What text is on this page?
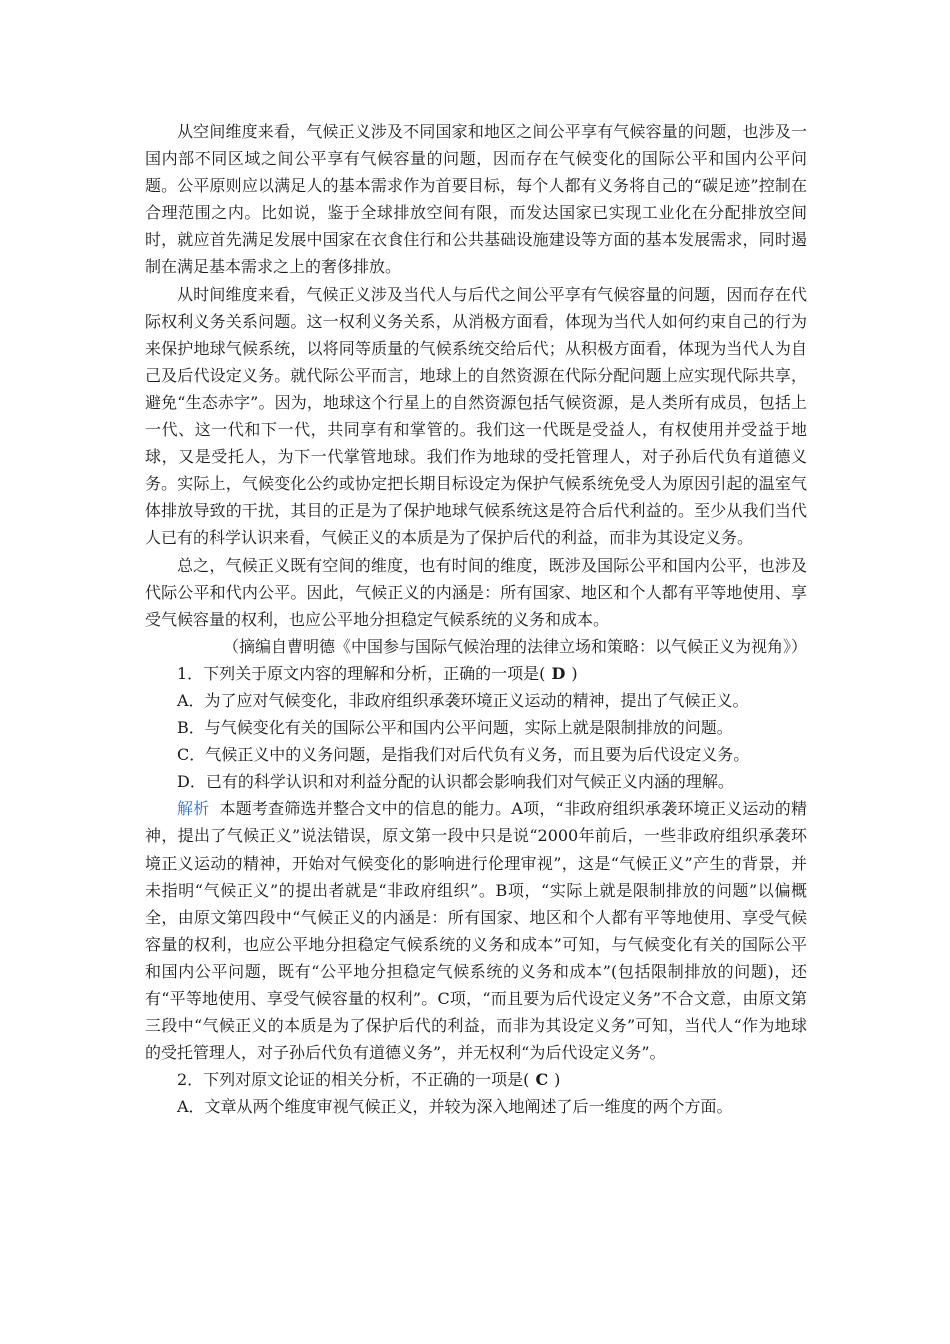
从空间维度来看，气候正义涉及不同国家和地区之间公平享有气候容量的问题，也涉及一国内部不同区域之间公平享有气候容量的问题，因而存在气候变化的国际公平和国内公平问题。公平原则应以满足人的基本需求作为首要目标，每个人都有义务将自己的“碳足迹”控制在合理范围之内。比如说，鉴于全球排放空间有限，而发达国家已实现工业化在分配排放空间时，就应首先满足发展中国家在衣食住行和公共基础设施建设等方面的基本发展需求，同时遏制在满足基本需求之上的奢侈排放。

从时间维度来看，气候正义涉及当代人与后代之间公平享有气候容量的问题，因而存在代际权利义务关系问题。这一权利义务关系，从消极方面看，体现为当代人如何约束自己的行为来保护地球气候系统，以将同等质量的气候系统交给后代；从积极方面看，体现为当代人为自己及后代设定义务。就代际公平而言，地球上的自然资源在代际分配问题上应实现代际共享，避免“生态赤字”。因为，地球这个行星上的自然资源包括气候资源，是人类所有成员，包括上一代、这一代和下一代，共同享有和掌管的。我们这一代既是受益人，有权使用并受益于地球，又是受托人，为下一代掌管地球。我们作为地球的受托管理人，对子孙后代负有道德义务。实际上，气候变化公约或协定把长期目标设定为保护气候系统免受人为原因引起的温室气体排放导致的干扰，其目的正是为了保护地球气候系统这是符合后代利益的。至少从我们当代人已有的科学认识来看，气候正义的本质是为了保护后代的利益，而非为其设定义务。

总之，气候正义既有空间的维度，也有时间的维度，既涉及国际公平和国内公平，也涉及代际公平和代内公平。因此，气候正义的内涵是：所有国家、地区和个人都有平等地使用、享受气候容量的权利，也应公平地分担稳定气候系统的义务和成本。

（摘编自曹明德《中国参与国际气候治理的法律立场和策略：以气候正义为视角》）

1．下列关于原文内容的理解和分析，正确的一项是( D )

A．为了应对气候变化，非政府组织承袭环境正义运动的精神，提出了气候正义。

B．与气候变化有关的国际公平和国内公平问题，实际上就是限制排放的问题。

C．气候正义中的义务问题，是指我们对后代负有义务，而且要为后代设定义务。

D．已有的科学认识和对利益分配的认识都会影响我们对气候正义内涵的理解。

解析 本题考查筛选并整合文中的信息的能力。A项，“非政府组织承袭环境正义运动的精神，提出了气候正义”说法错误，原文第一段中只是说“2000年前后，一些非政府组织承袭环境正义运动的精神，开始对气候变化的影响进行伦理审视”，这是“气候正义”产生的背景，并未指明“气候正义”的提出者就是“非政府组织”。B项，“实际上就是限制排放的问题”以偏概全，由原文第四段中“气候正义的内涵是：所有国家、地区和个人都有平等地使用、享受气候容量的权利，也应公平地分担稳定气候系统的义务和成本”可知，与气候变化有关的国际公平和国内公平问题，既有“公平地分担稳定气候系统的义务和成本”(包括限制排放的问题)，还有“平等地使用、享受气候容量的权利”。C项，“而且要为后代设定义务”不合文意，由原文第三段中“气候正义的本质是为了保护后代的利益，而非为其设定义务”可知，当代人“作为地球的受托管理人，对子孙后代负有道德义务”，并无权利“为后代设定义务”。

2．下列对原文论证的相关分析，不正确的一项是( C )

A．文章从两个维度审视气候正义，并较为深入地阐述了后一维度的两个方面。
